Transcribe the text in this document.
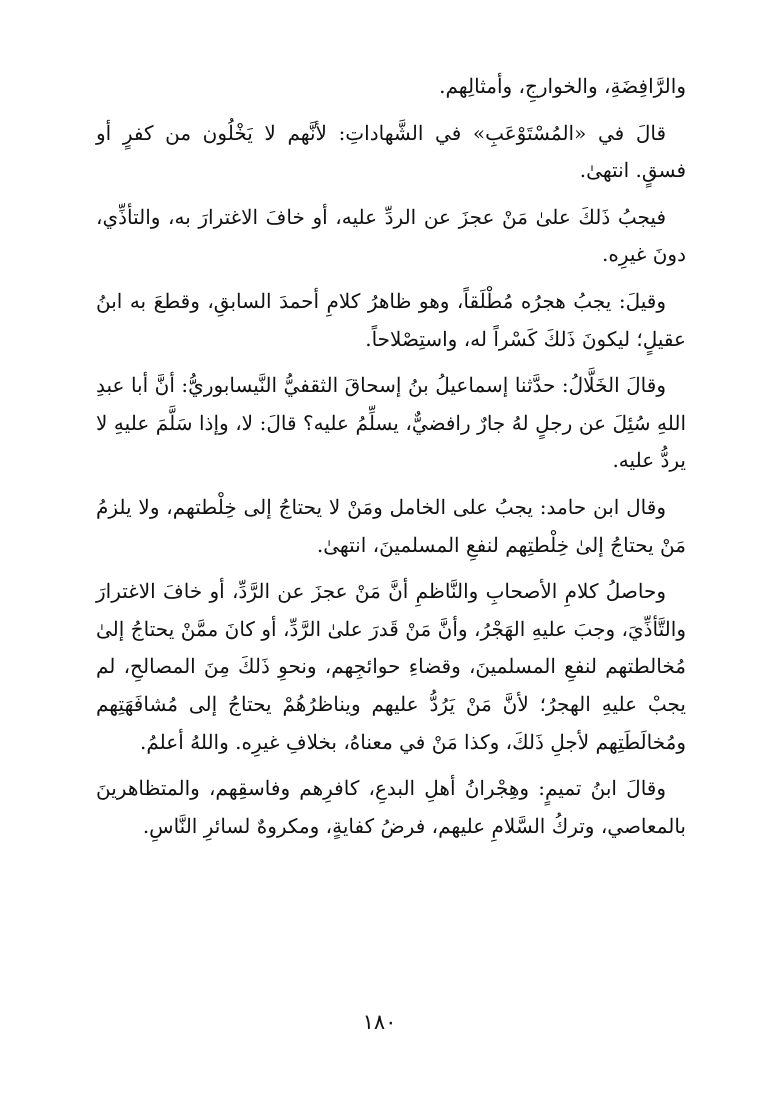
والرَّافِضَةِ، والخوارجِ، وأمثالِهم.

قالَ في «المُسْتَوْعَبِ» في الشَّهاداتِ: لأنَّهم لا يَخْلُون من كفرٍ أو فسقٍ. انتهىٰ.

فيجبُ ذَلكَ علىٰ مَنْ عجزَ عن الردِّ عليه، أو خافَ الاغترارَ به، والتأذِّي، دونَ غيرِه.

وقيلَ: يجبُ هجرُه مُطْلَقاً، وهو ظاهرُ كلامِ أحمدَ السابقِ، وقطعَ به ابنُ عقيلٍ؛ ليكونَ ذَلكَ كَسْراً له، واستِصْلاحاً.

وقالَ الخَلَّالُ: حدَّثنا إسماعيلُ بنُ إسحاقَ الثقفيُّ النَّيسابوريُّ: أنَّ أبا عبدِ اللهِ سُئِلَ عن رجلٍ لهُ جارٌ رافضيٌّ، يسلِّمُ عليه؟ قالَ: لا، وإذا سَلَّمَ عليهِ لا يردُّ عليه.

وقال ابن حامد: يجبُ على الخامل ومَنْ لا يحتاجُ إلى خِلْطتهم، ولا يلزمُ مَنْ يحتاجُ إلىٰ خِلْطتِهم لنفعِ المسلمينَ، انتهىٰ.

وحاصلُ كلامِ الأصحابِ والنَّاظمِ أنَّ مَنْ عجزَ عن الرَّدِّ، أو خافَ الاغترارَ والتَّأذِّيَ، وجبَ عليهِ الهَجْرُ، وأنَّ مَنْ قَدرَ علىٰ الرَّدِّ، أو كانَ ممَّنْ يحتاجُ إلىٰ مُخالطتهم لنفعِ المسلمينَ، وقضاءِ حوائجِهم، ونحوِ ذَلكَ مِنَ المصالحِ، لم يجبْ عليهِ الهجرُ؛ لأنَّ مَنْ يَرُدُّ عليهم ويناظرُهُمْ يحتاجُ إلى مُشافَهَتِهم ومُخالَطَتِهم لأجلِ ذَلكَ، وكذا مَنْ في معناهُ، بخلافِ غيرِه. واللهُ أعلمُ.

وقالَ ابنُ تميمٍ: وهِجْرانُ أهلِ البدعِ، كافرِهم وفاسقِهم، والمتظاهرينَ بالمعاصي، وتركُ السَّلامِ عليهم، فرضُ كفايةٍ، ومكروهٌ لسائرِ النَّاسِ.

١٨٠
